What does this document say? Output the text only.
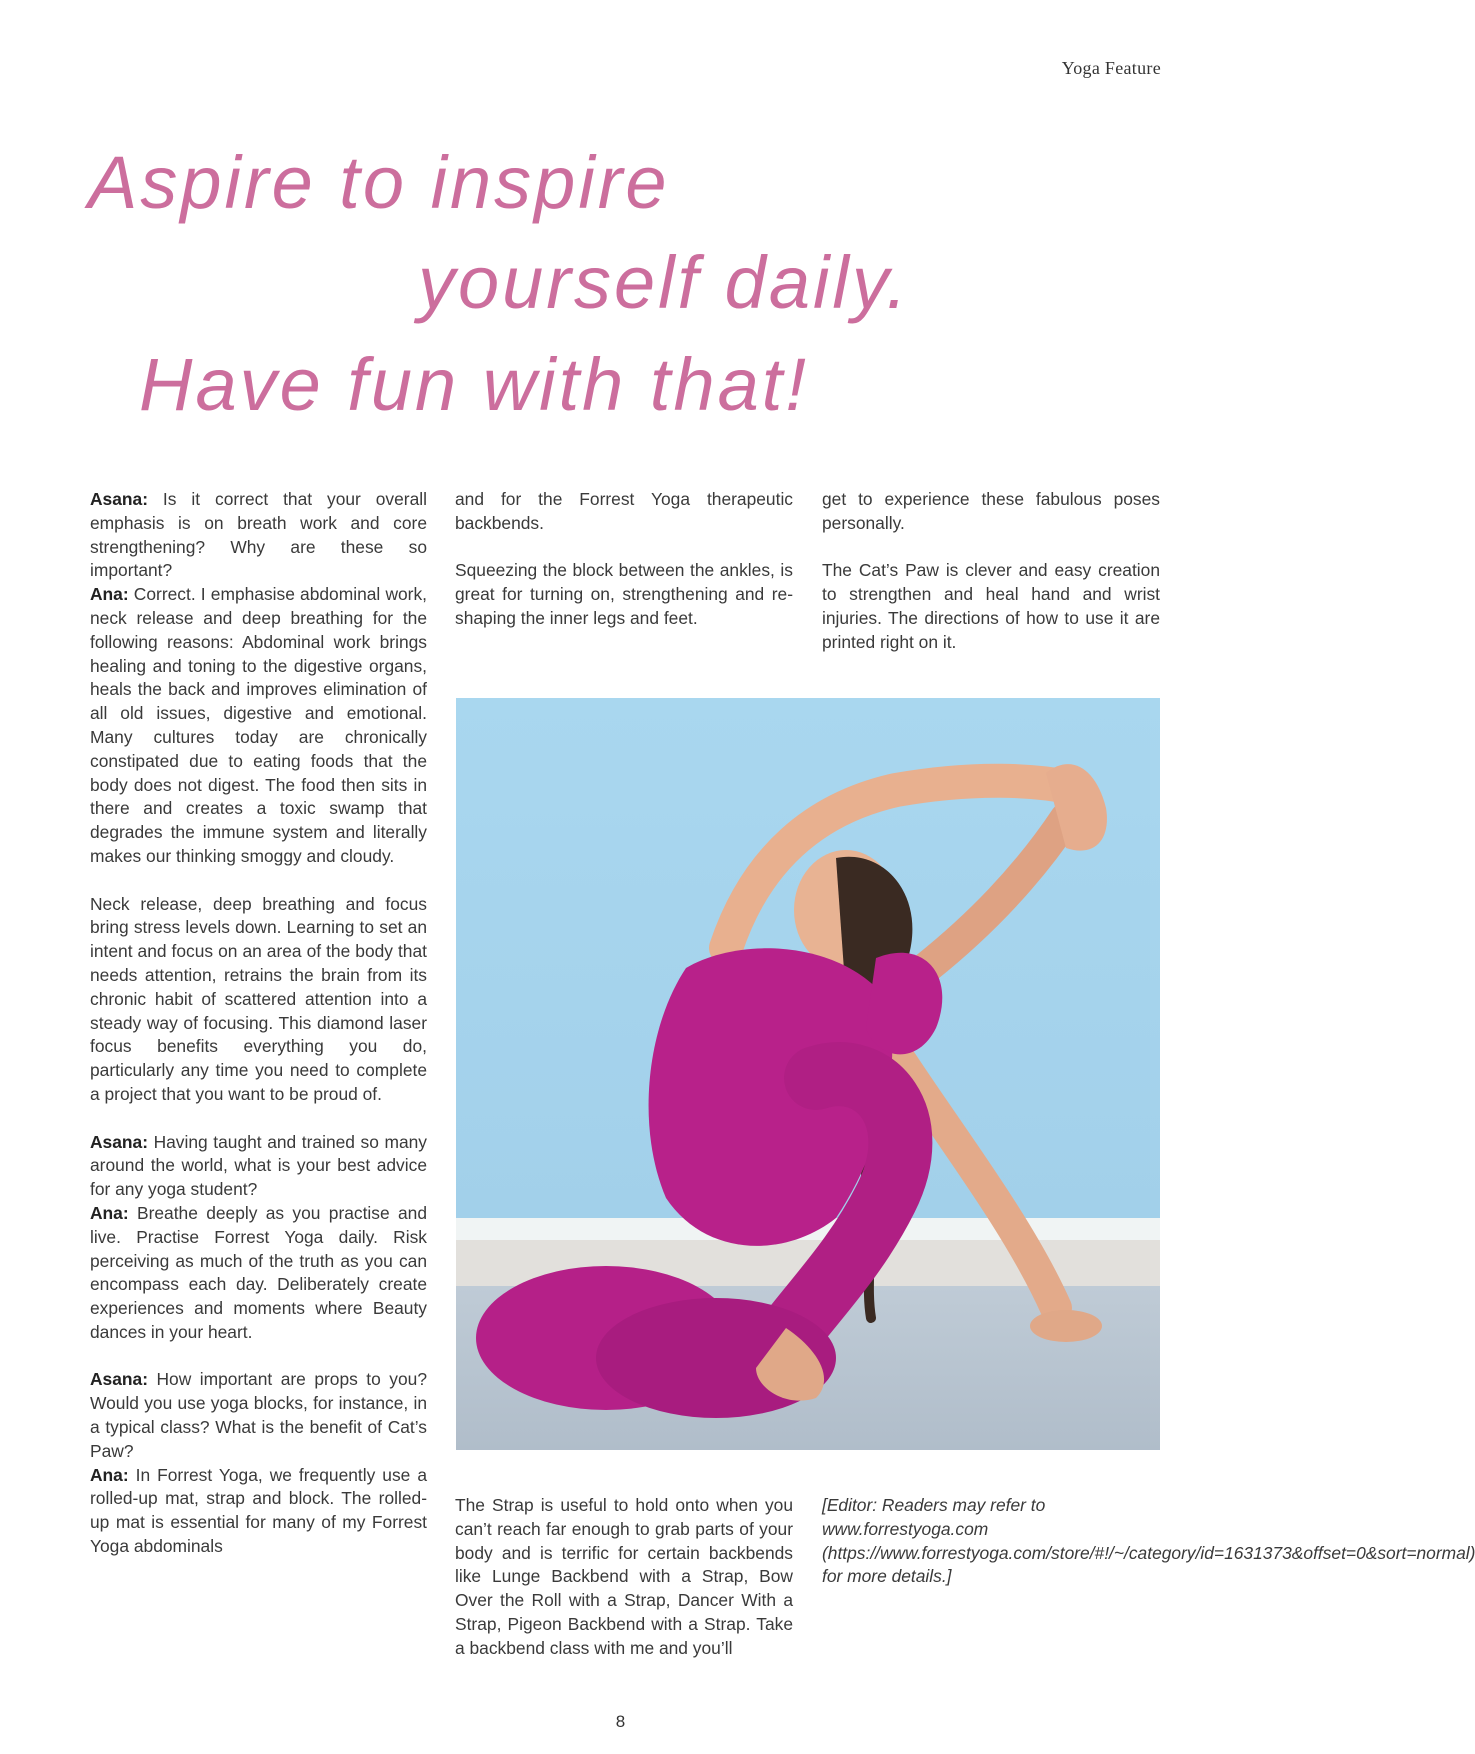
Yoga Feature
Aspire to inspire
yourself daily.
Have fun with that!

Asana: Is it correct that your overall emphasis is on breath work and core strengthening? Why are these so important?
Ana: Correct. I emphasise abdominal work, neck release and deep breathing for the following reasons: Abdominal work brings healing and toning to the digestive organs, heals the back and improves elimination of all old issues, digestive and emotional. Many cultures today are chronically constipated due to eating foods that the body does not digest. The food then sits in there and creates a toxic swamp that degrades the immune system and literally makes our thinking smoggy and cloudy.

Neck release, deep breathing and focus bring stress levels down. Learning to set an intent and focus on an area of the body that needs attention, retrains the brain from its chronic habit of scattered attention into a steady way of focusing. This diamond laser focus benefits everything you do, particularly any time you need to complete a project that you want to be proud of.

Asana: Having taught and trained so many around the world, what is your best advice for any yoga student?
Ana: Breathe deeply as you practise and live. Practise Forrest Yoga daily. Risk perceiving as much of the truth as you can encompass each day. Deliberately create experiences and moments where Beauty dances in your heart.

Asana: How important are props to you? Would you use yoga blocks, for instance, in a typical class? What is the benefit of Cat’s Paw?
Ana: In Forrest Yoga, we frequently use a rolled-up mat, strap and block. The rolled-up mat is essential for many of my Forrest Yoga abdominals

and for the Forrest Yoga therapeutic backbends.

Squeezing the block between the ankles, is great for turning on, strengthening and re-shaping the inner legs and feet.

get to experience these fabulous poses personally.

The Cat’s Paw is clever and easy creation to strengthen and heal hand and wrist injuries. The directions of how to use it are printed right on it.

The Strap is useful to hold onto when you can’t reach far enough to grab parts of your body and is terrific for certain backbends like Lunge Backbend with a Strap, Bow Over the Roll with a Strap, Dancer With a Strap, Pigeon Backbend with a Strap. Take a backbend class with me and you’ll

[Editor: Readers may refer to www.forrestyoga.com (https://www.forrestyoga.com/store/#!/~/category/id=1631373&offset=0&sort=normal) for more details.]

8
